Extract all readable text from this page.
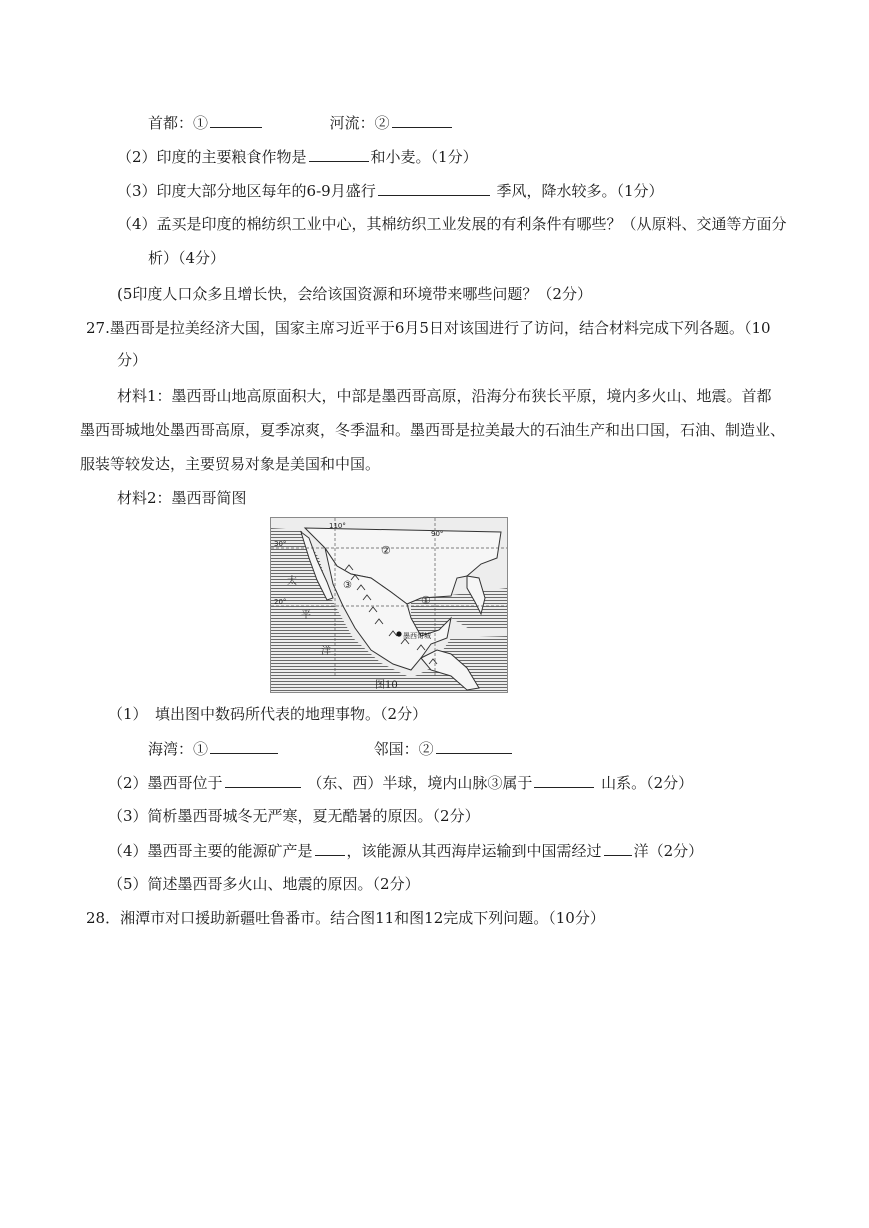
首都：①	河流：②
（2）印度的主要粮食作物是	和小麦。（1分）
（3）印度大部分地区每年的6-9月盛行	季风，降水较多。（1分）
（4）孟买是印度的棉纺织工业中心，其棉纺织工业发展的有利条件有哪些？（从原料、交通等方面分
析）（4分）
(5印度人口众多且增长快，会给该国资源和环境带来哪些问题？（2分）
27.墨西哥是拉美经济大国，国家主席习近平于6月5日对该国进行了访问，结合材料完成下列各题。（10
分）
材料1：墨西哥山地高原面积大，中部是墨西哥高原，沿海分布狭长平原，境内多火山、地震。首都
墨西哥城地处墨西哥高原，夏季凉爽，冬季温和。墨西哥是拉美最大的石油生产和出口国，石油、制造业、
服装等较发达，主要贸易对象是美国和中国。
材料2：墨西哥简图
110°
90°
30°
20°
②
①
③
墨西哥城
太
平
洋
图10
（1）　填出图中数码所代表的地理事物。（2分）
海湾：①	邻国：②
（2）墨西哥位于	（东、西）半球，境内山脉③属于	山系。（2分）
（3）简析墨西哥城冬无严寒，夏无酷暑的原因。（2分）
（4）墨西哥主要的能源矿产是 ，该能源从其西海岸运输到中国需经过 洋（2分）
（5）简述墨西哥多火山、地震的原因。（2分）
28．湘潭市对口援助新疆吐鲁番市。结合图11和图12完成下列问题。（10分）
